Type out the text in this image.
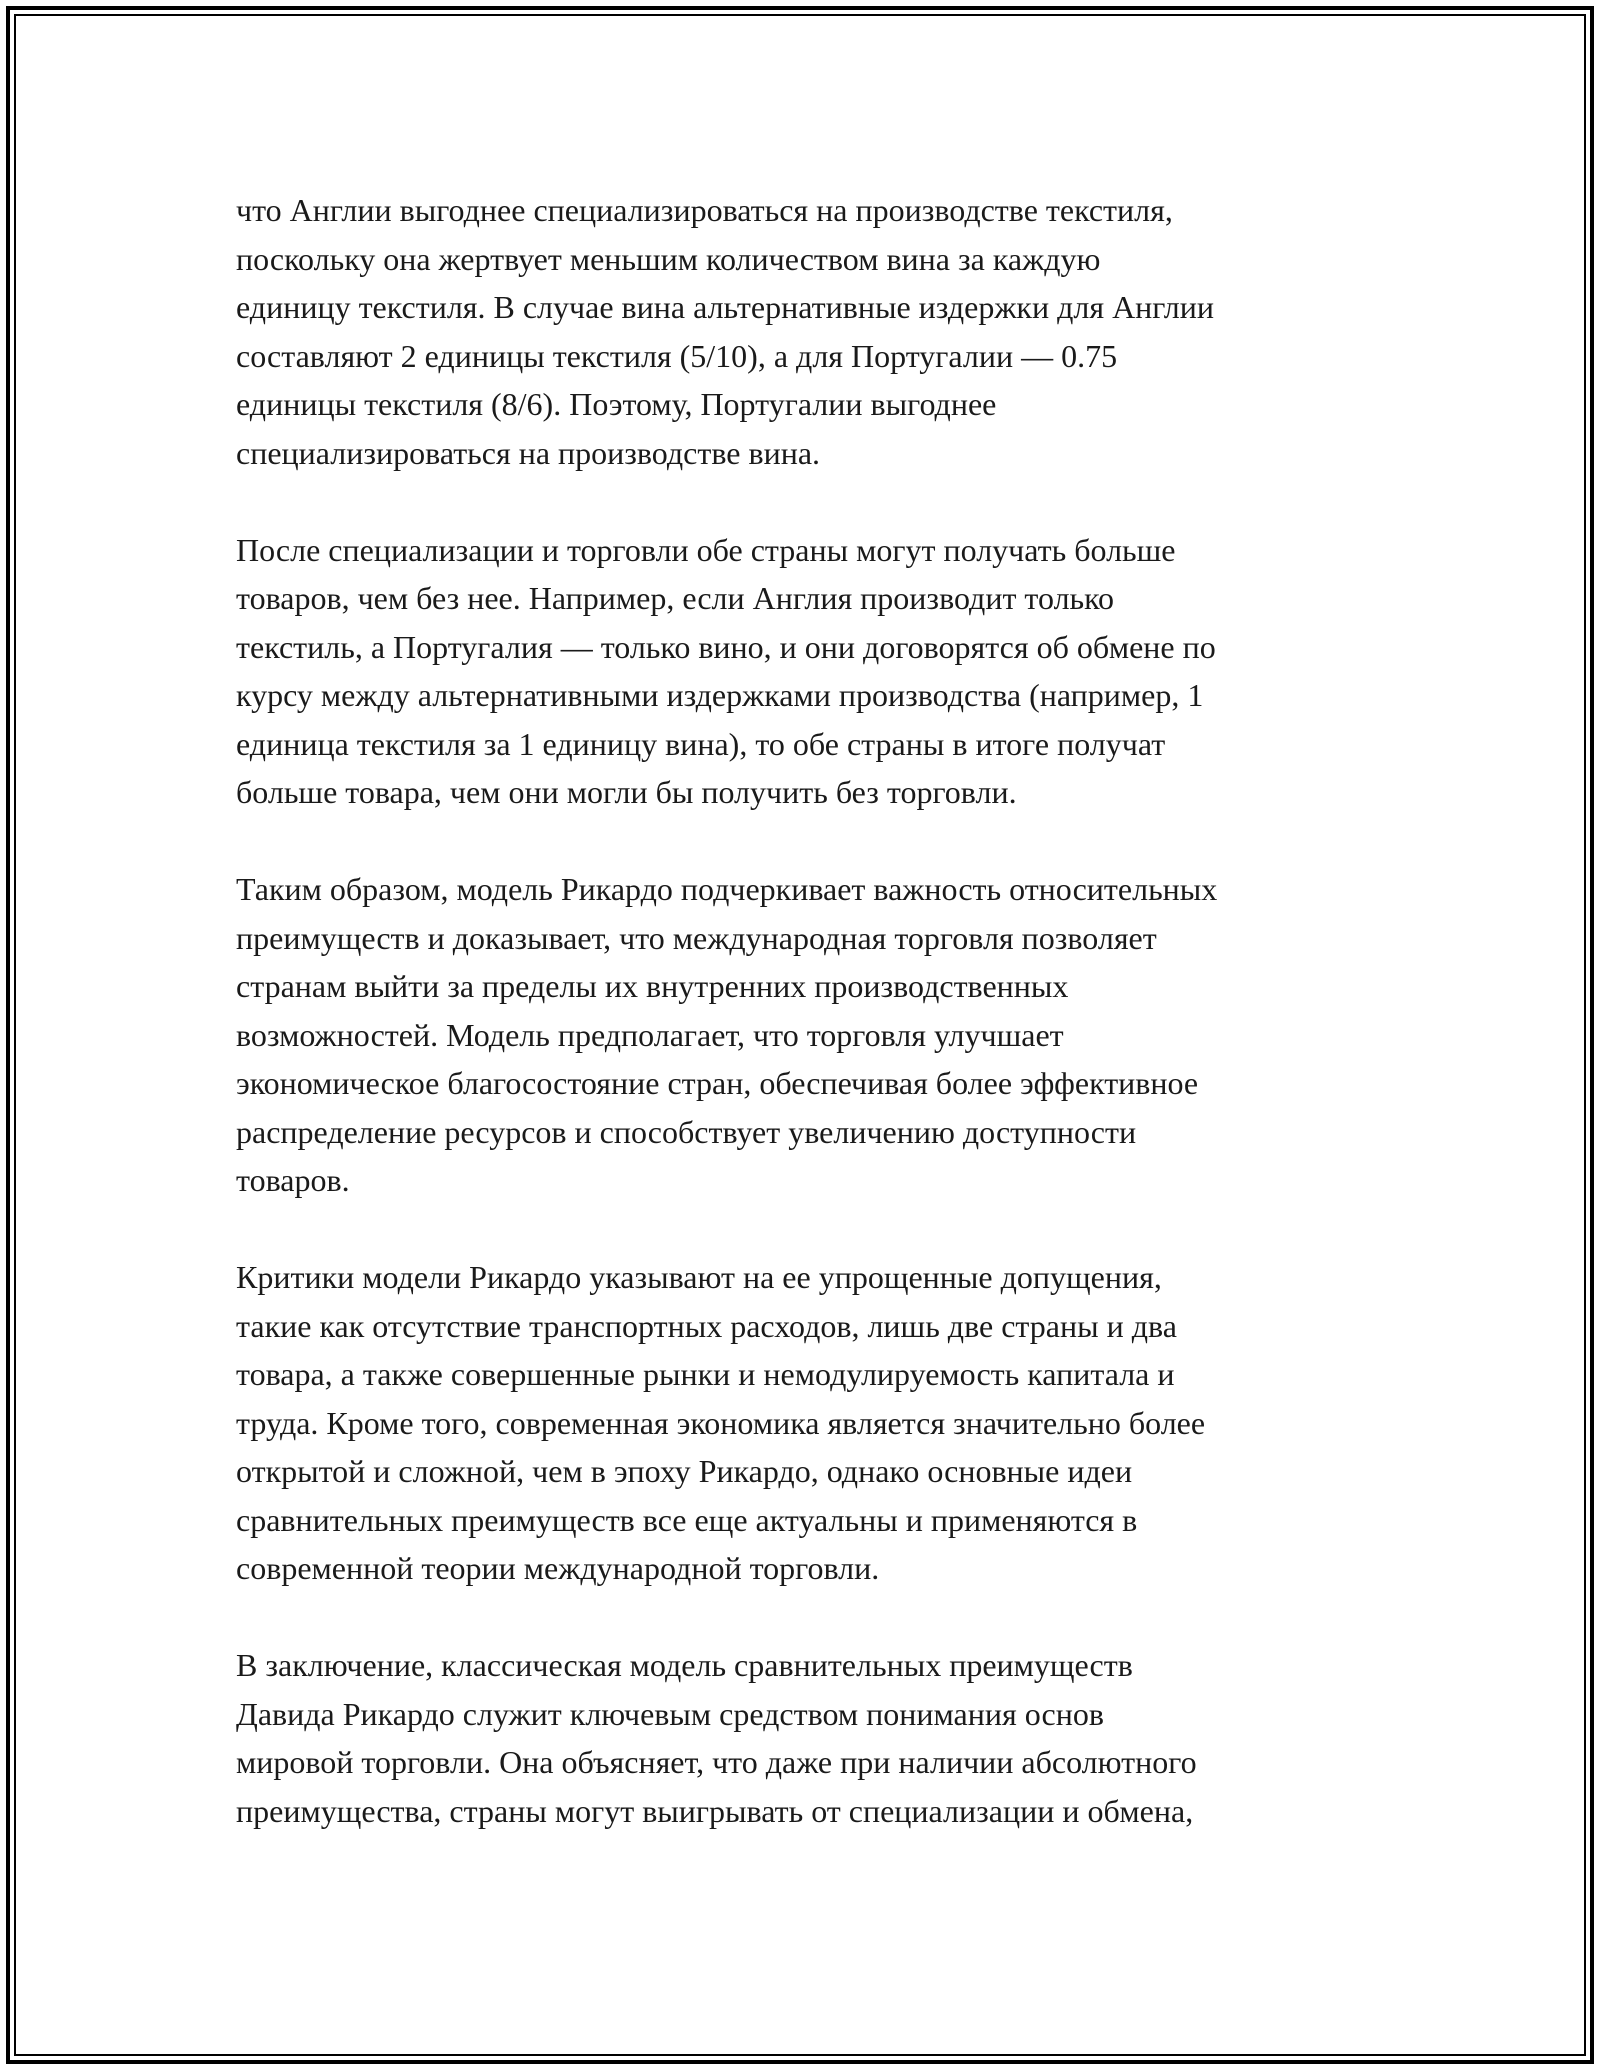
что Англии выгоднее специализироваться на производстве текстиля,
поскольку она жертвует меньшим количеством вина за каждую
единицу текстиля. В случае вина альтернативные издержки для Англии
составляют 2 единицы текстиля (5/10), а для Португалии — 0.75
единицы текстиля (8/6). Поэтому, Португалии выгоднее
специализироваться на производстве вина.

После специализации и торговли обе страны могут получать больше
товаров, чем без нее. Например, если Англия производит только
текстиль, а Португалия — только вино, и они договорятся об обмене по
курсу между альтернативными издержками производства (например, 1
единица текстиля за 1 единицу вина), то обе страны в итоге получат
больше товара, чем они могли бы получить без торговли.

Таким образом, модель Рикардо подчеркивает важность относительных
преимуществ и доказывает, что международная торговля позволяет
странам выйти за пределы их внутренних производственных
возможностей. Модель предполагает, что торговля улучшает
экономическое благосостояние стран, обеспечивая более эффективное
распределение ресурсов и способствует увеличению доступности
товаров.

Критики модели Рикардо указывают на ее упрощенные допущения,
такие как отсутствие транспортных расходов, лишь две страны и два
товара, а также совершенные рынки и немодулируемость капитала и
труда. Кроме того, современная экономика является значительно более
открытой и сложной, чем в эпоху Рикардо, однако основные идеи
сравнительных преимуществ все еще актуальны и применяются в
современной теории международной торговли.

В заключение, классическая модель сравнительных преимуществ
Давида Рикардо служит ключевым средством понимания основ
мировой торговли. Она объясняет, что даже при наличии абсолютного
преимущества, страны могут выигрывать от специализации и обмена,
